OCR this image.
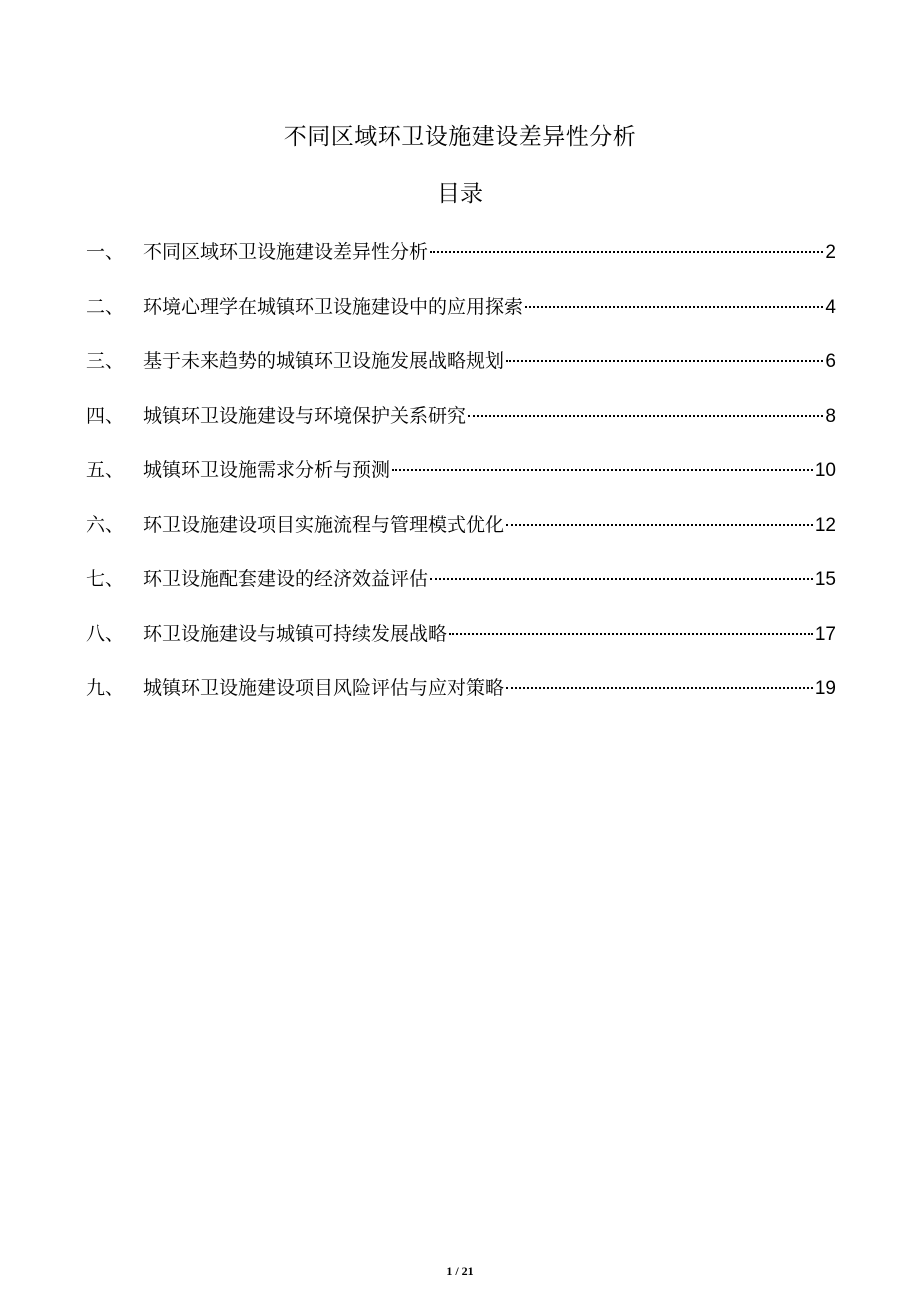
不同区域环卫设施建设差异性分析
目录
一、 不同区域环卫设施建设差异性分析	2
二、 环境心理学在城镇环卫设施建设中的应用探索	4
三、 基于未来趋势的城镇环卫设施发展战略规划	6
四、 城镇环卫设施建设与环境保护关系研究	8
五、 城镇环卫设施需求分析与预测	10
六、 环卫设施建设项目实施流程与管理模式优化	12
七、 环卫设施配套建设的经济效益评估	15
八、 环卫设施建设与城镇可持续发展战略	17
九、 城镇环卫设施建设项目风险评估与应对策略	19
1 / 21
